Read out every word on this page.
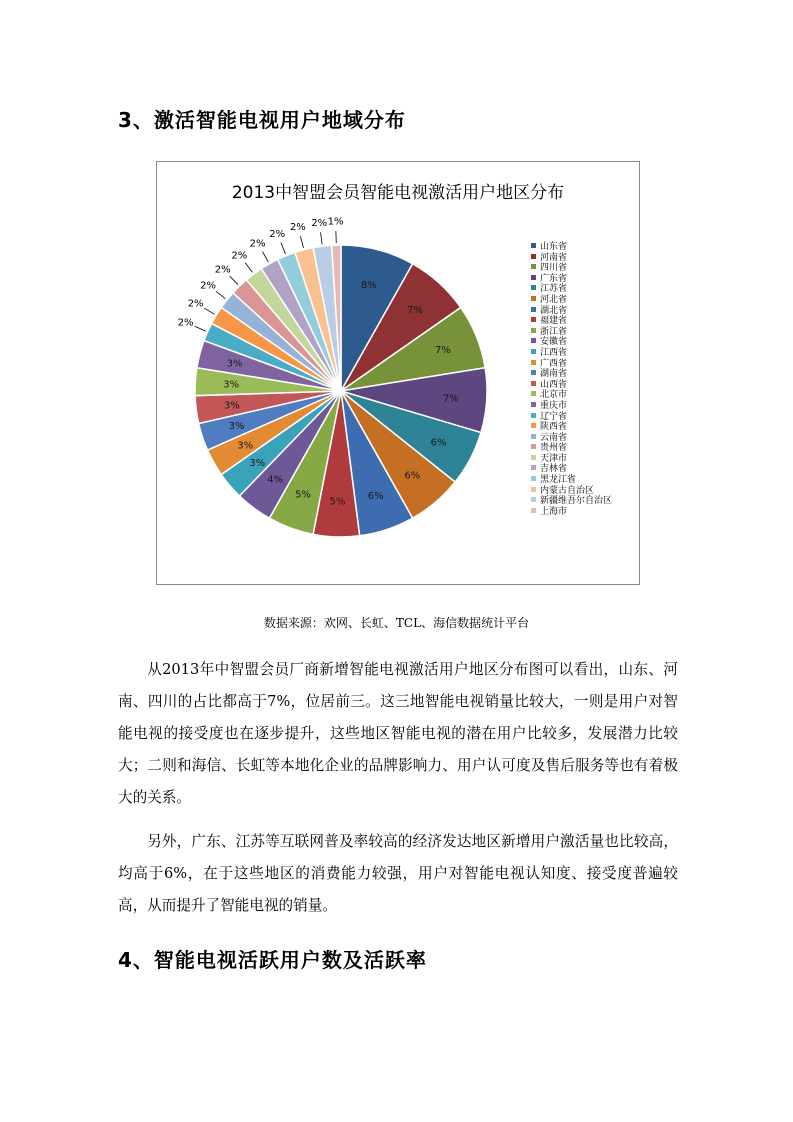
3、激活智能电视用户地域分布
2013中智盟会员智能电视激活用户地区分布
8%
7%
7%
7%
6%
6%
6%
5%
5%
4%
3%
3%
3%
3%
3%
3%
2%
2%
2%
2%
2%
2%
2%
2% 2% 1%
山东省
河南省
四川省
广东省
江苏省
河北省
湖北省
福建省
浙江省
安徽省
江西省
广西省
湖南省
山西省
北京市
重庆市
辽宁省
陕西省
云南省
贵州省
天津市
吉林省
黑龙江省
内蒙古自治区
新疆维吾尔自治区
上海市
数据来源：欢网、长虹、TCL、海信数据统计平台

从2013年中智盟会员厂商新增智能电视激活用户地区分布图可以看出，山东、河南、四川的占比都高于7%，位居前三。这三地智能电视销量比较大，一则是用户对智能电视的接受度也在逐步提升，这些地区智能电视的潜在用户比较多，发展潜力比较大；二则和海信、长虹等本地化企业的品牌影响力、用户认可度及售后服务等也有着极大的关系。

另外，广东、江苏等互联网普及率较高的经济发达地区新增用户激活量也比较高，均高于6%，在于这些地区的消费能力较强，用户对智能电视认知度、接受度普遍较高，从而提升了智能电视的销量。

4、智能电视活跃用户数及活跃率
